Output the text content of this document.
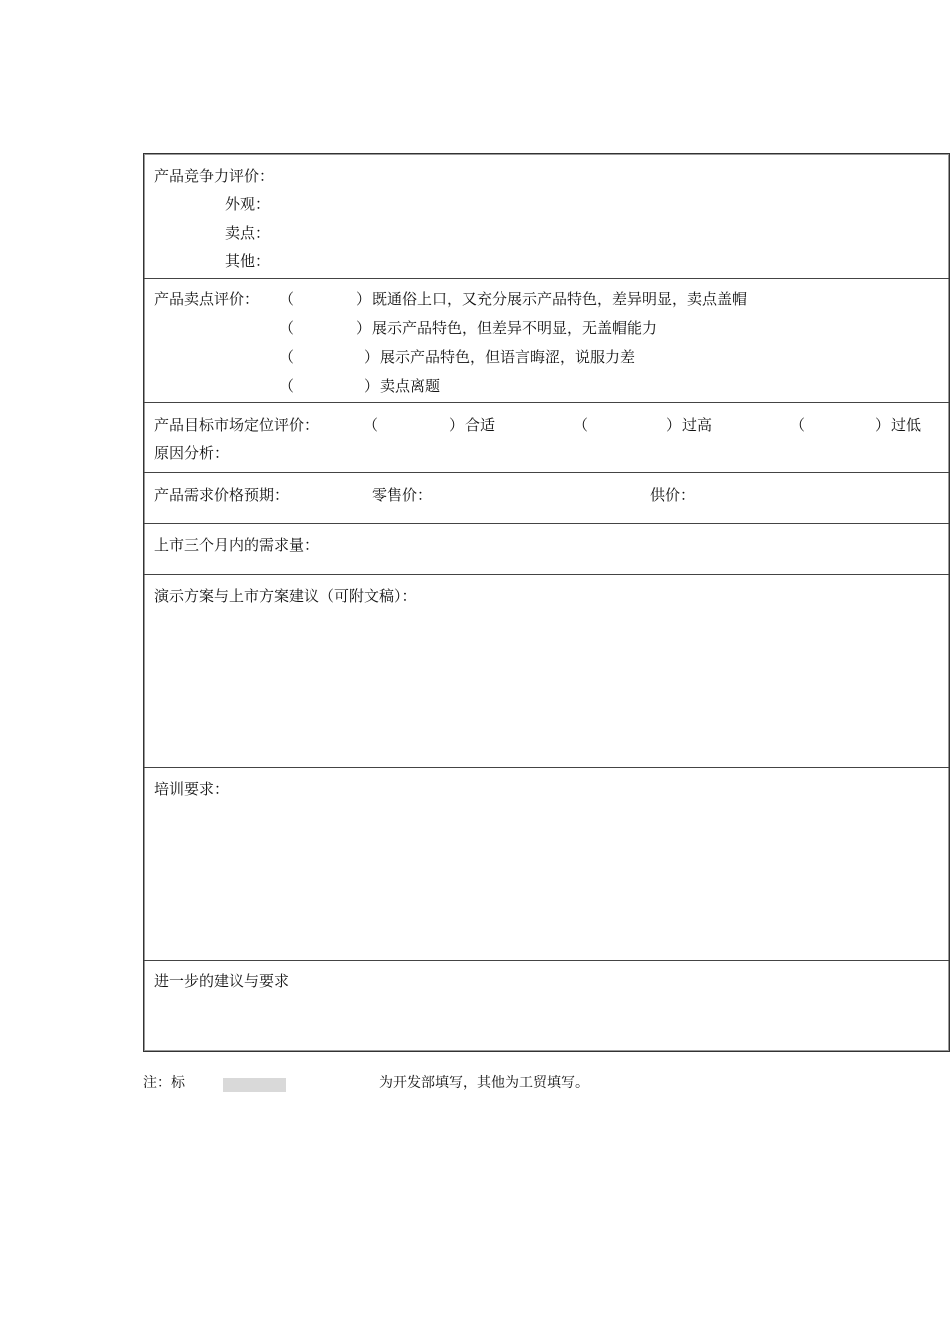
产品竞争力评价：
外观：
卖点：
其他：
产品卖点评价： （	） 既通俗上口，又充分展示产品特色，差异明显，卖点盖帽
（	） 展示产品特色，但差异不明显，无盖帽能力
（	） 展示产品特色，但语言晦涩，说服力差
（	） 卖点离题
产品目标市场定位评价：	（	） 合适	（	） 过高	（	） 过低
原因分析：
产品需求价格预期：	零售价：	供价：
上市三个月内的需求量：
演示方案与上市方案建议（可附文稿）：
培训要求：
进一步的建议与要求
注：标	为开发部填写，其他为工贸填写。
